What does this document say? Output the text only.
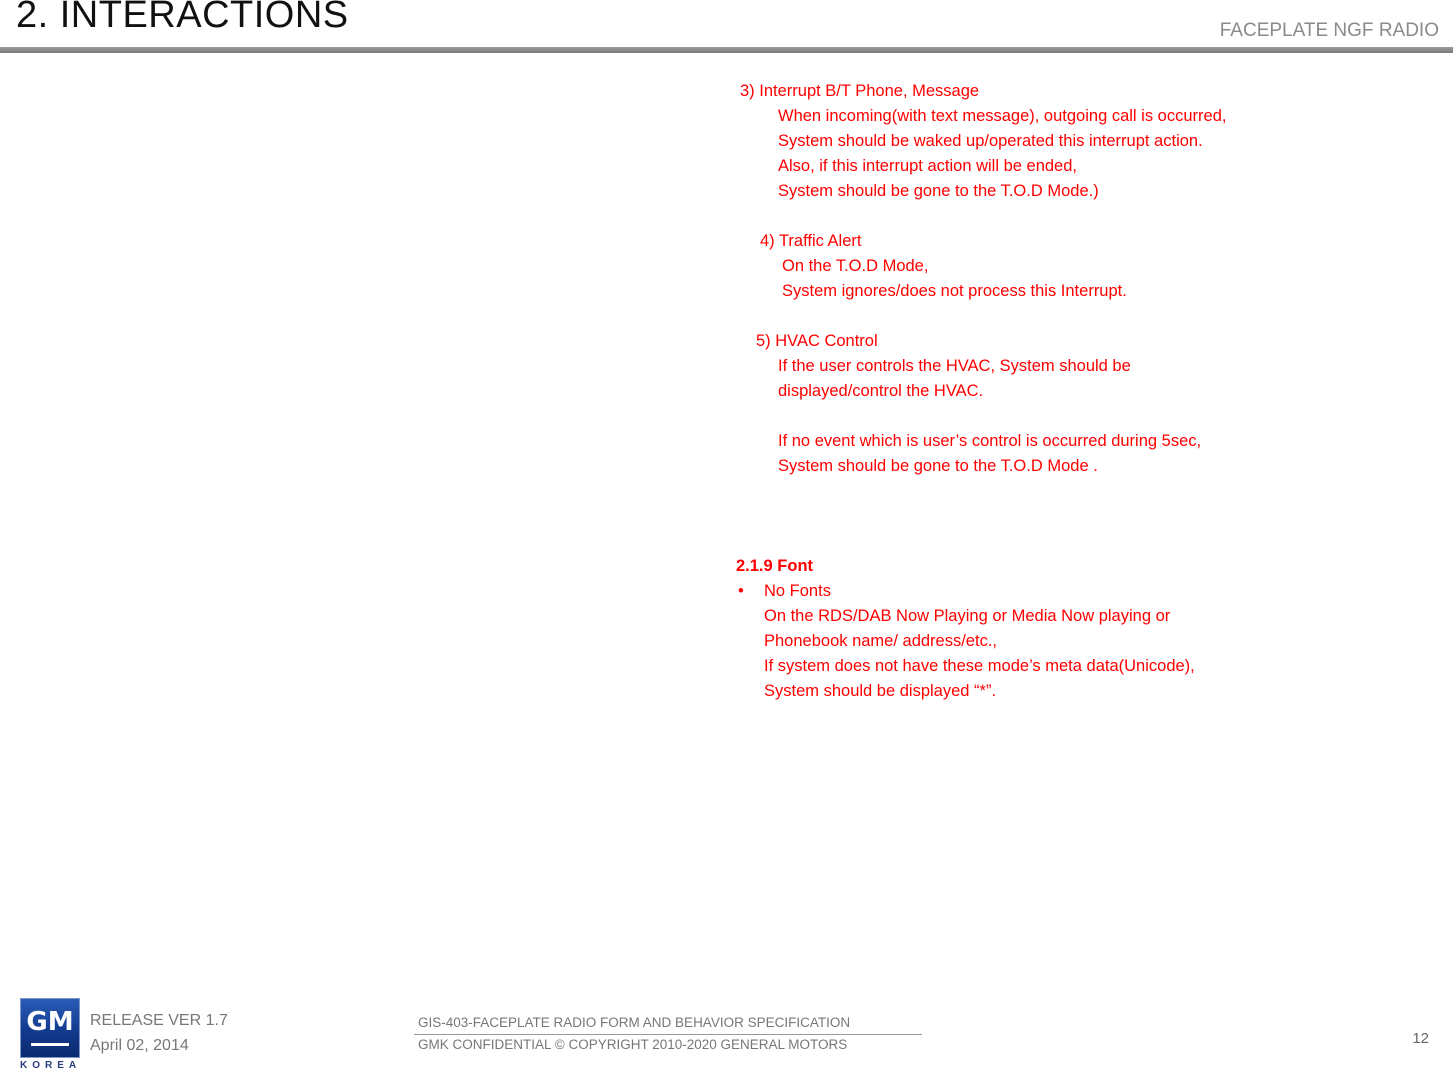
2. INTERACTIONS	FACEPLATE NGF RADIO
3) Interrupt B/T Phone, Message
When incoming(with text message), outgoing call is occurred,
System should be waked up/operated this interrupt action.
Also, if this interrupt action will be ended,
System should be gone to the T.O.D Mode.)
4) Traffic Alert
On the T.O.D Mode,
System ignores/does not process this Interrupt.
5) HVAC Control
If the user controls the HVAC, System should be
displayed/control the HVAC.
If no event which is user’s control is occurred during 5sec,
System should be gone to the T.O.D Mode .
2.1.9 Font
• No Fonts
On the RDS/DAB Now Playing or Media Now playing or
Phonebook name/ address/etc.,
If system does not have these mode’s meta data(Unicode),
System should be displayed “*”.
GM
KOREA
RELEASE VER 1.7
April 02, 2014
GIS-403-FACEPLATE RADIO FORM AND BEHAVIOR SPECIFICATION
GMK CONFIDENTIAL © COPYRIGHT 2010-2020 GENERAL MOTORS	12
